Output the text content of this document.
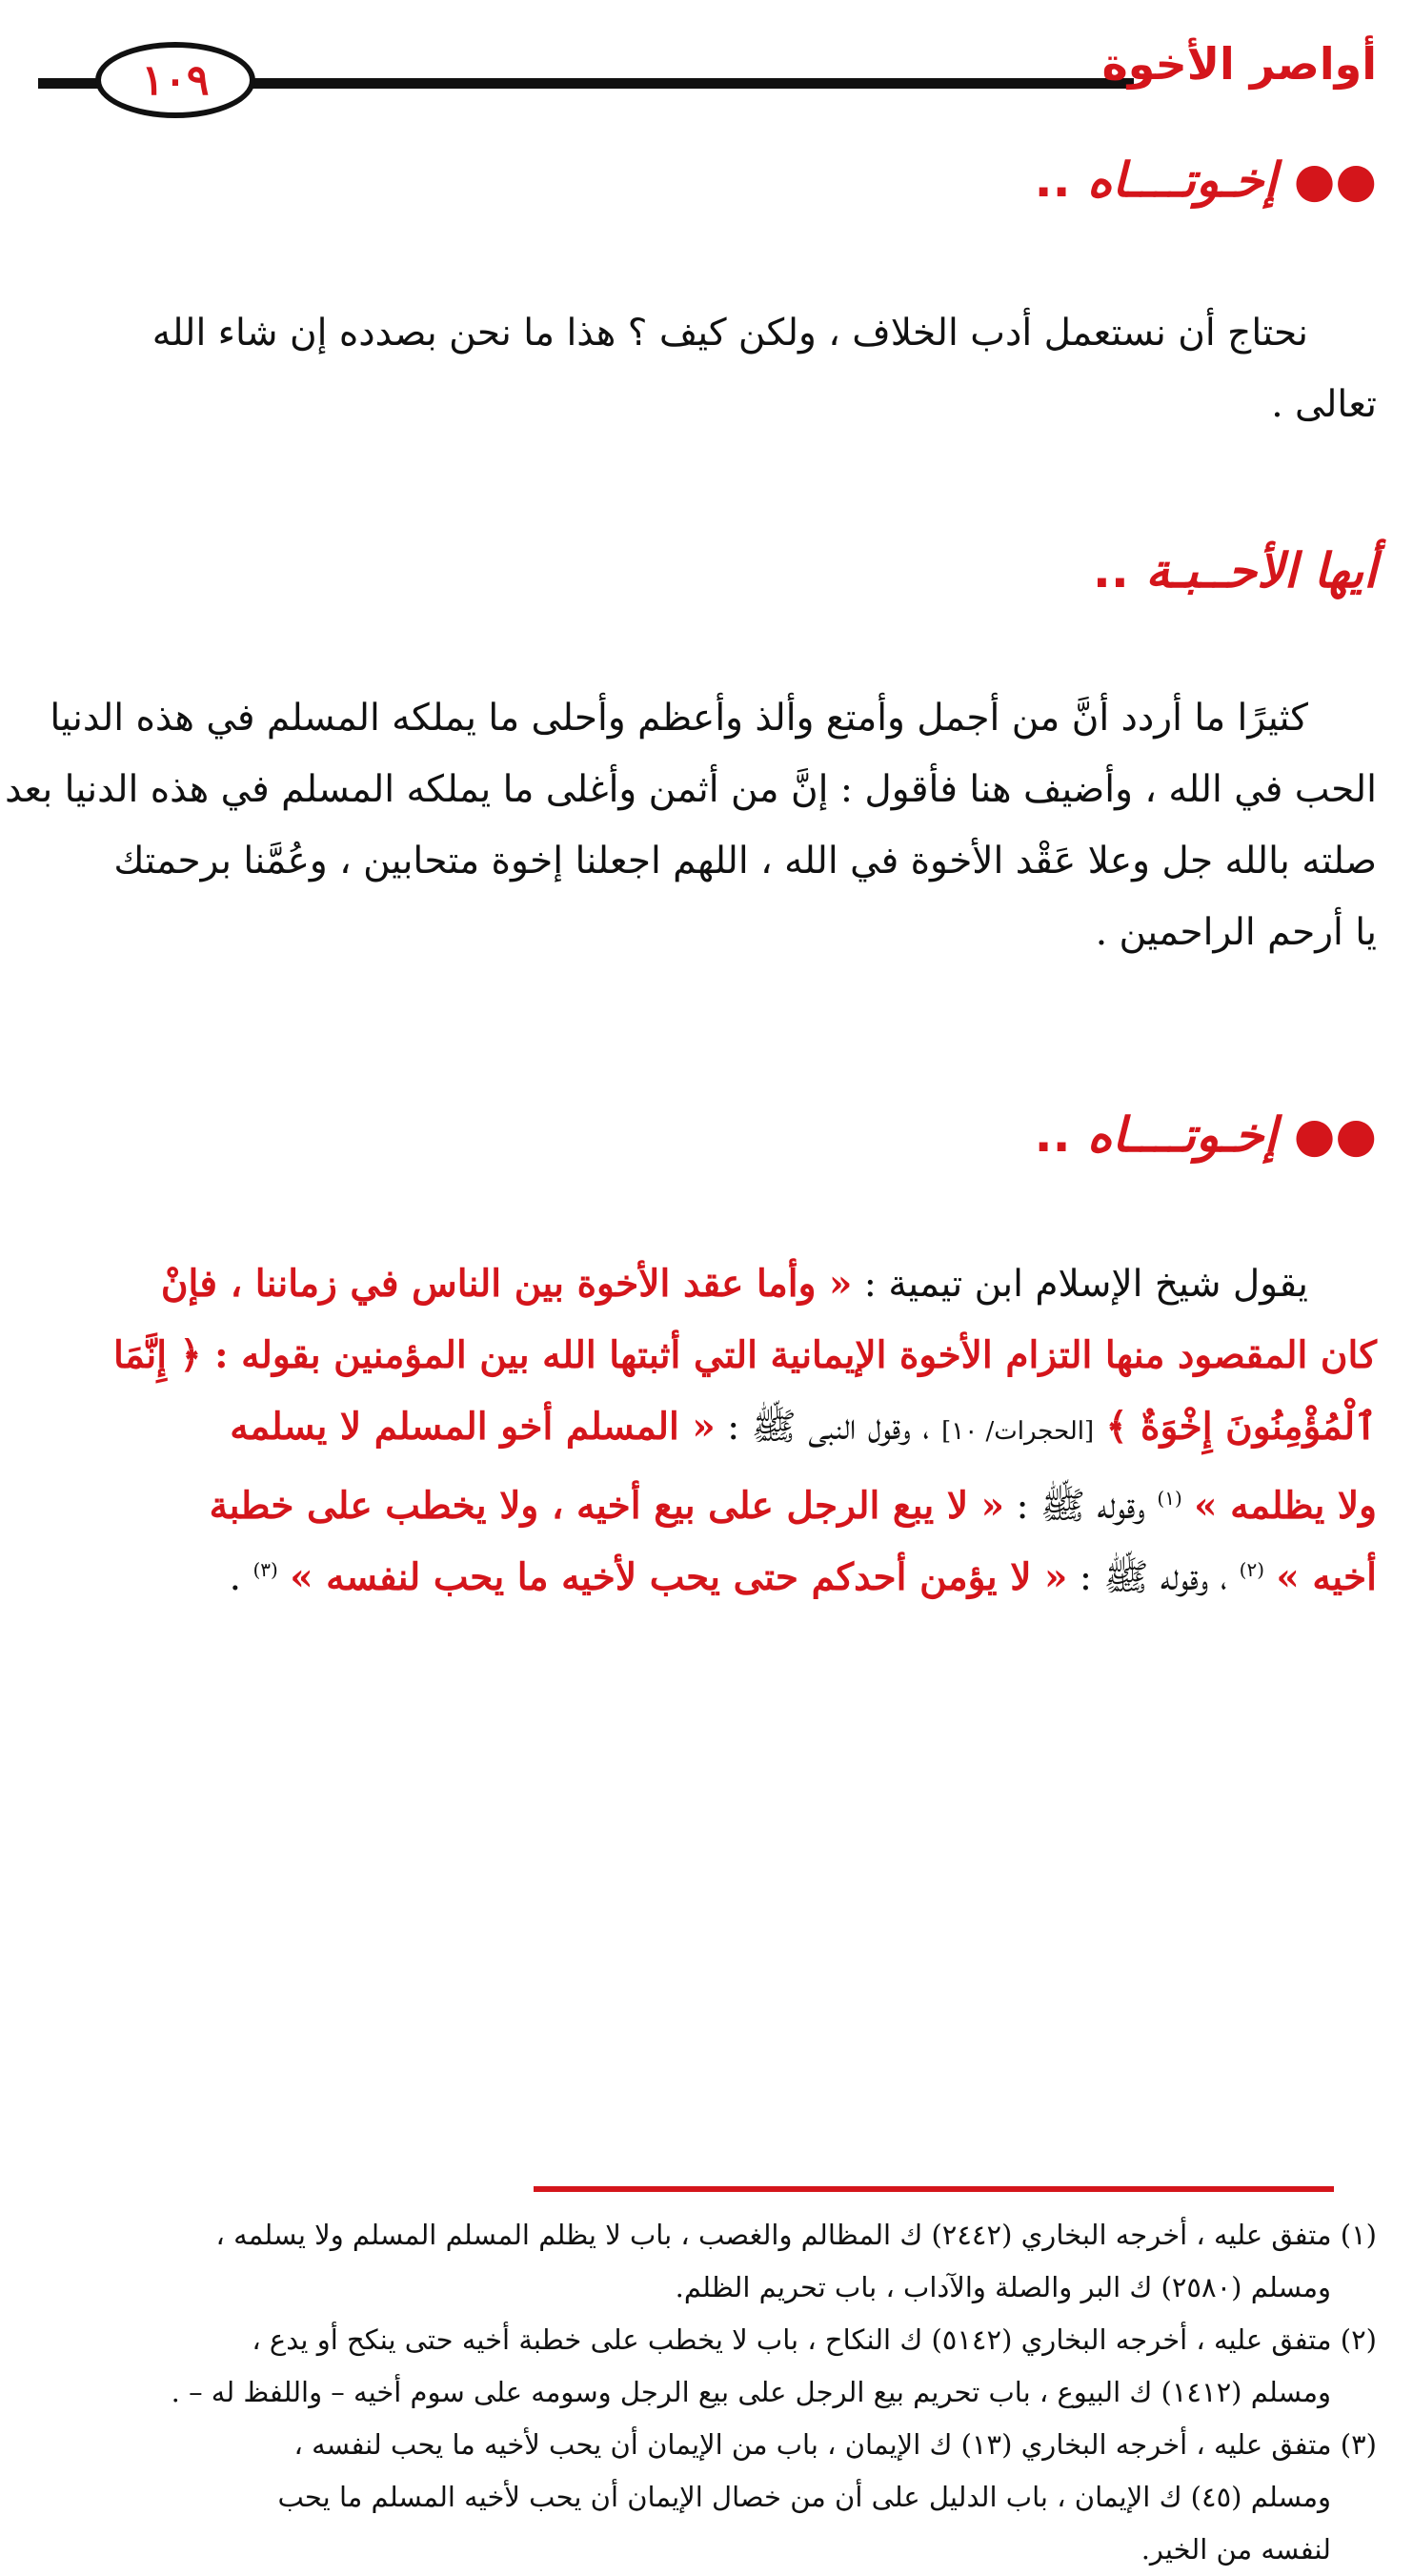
١٠٩	أواصر الأخوة
●● إخـوتــــاه ..
نحتاج أن نستعمل أدب الخلاف ، ولكن كيف ؟ هذا ما نحن بصدده إن شاء الله
تعالى .
أيها الأحــبـة ..
كثيرًا ما أردد أنَّ من أجمل وأمتع وألذ وأعظم وأحلى ما يملكه المسلم في هذه الدنيا
الحب في الله ، وأضيف هنا فأقول : إنَّ من أثمن وأغلى ما يملكه المسلم في هذه الدنيا بعد
صلته بالله جل وعلا عَقْد الأخوة في الله ، اللهم اجعلنا إخوة متحابين ، وعُمَّنا برحمتك
يا أرحم الراحمين .
●● إخـوتــــاه ..
يقول شيخ الإسلام ابن تيمية : « وأما عقد الأخوة بين الناس في زماننا ، فإنْ
كان المقصود منها التزام الأخوة الإيمانية التي أثبتها الله بين المؤمنين بقوله : ﴿ إِنَّمَا
ٱلْمُؤْمِنُونَ إِخْوَةٌ ﴾ [الحجرات/ ١٠] ، وقول النبى ﷺ : « المسلم أخو المسلم لا يسلمه
ولا يظلمه » $^{(١)}$ وقوله ﷺ : « لا يبع الرجل على بيع أخيه ، ولا يخطب على خطبة
أخيه » $^{(٢)}$ ، وقوله ﷺ : « لا يؤمن أحدكم حتى يحب لأخيه ما يحب لنفسه » $^{(٣)}$ .
(١) متفق عليه ، أخرجه البخاري (٢٤٤٢) ك المظالم والغصب ، باب لا يظلم المسلم المسلم ولا يسلمه ،
ومسلم (٢٥٨٠) ك البر والصلة والآداب ، باب تحريم الظلم.
(٢) متفق عليه ، أخرجه البخاري (٥١٤٢) ك النكاح ، باب لا يخطب على خطبة أخيه حتى ينكح أو يدع ،
ومسلم (١٤١٢) ك البيوع ، باب تحريم بيع الرجل على بيع الرجل وسومه على سوم أخيه – واللفظ له – .
(٣) متفق عليه ، أخرجه البخاري (١٣) ك الإيمان ، باب من الإيمان أن يحب لأخيه ما يحب لنفسه ،
ومسلم (٤٥) ك الإيمان ، باب الدليل على أن من خصال الإيمان أن يحب لأخيه المسلم ما يحب
لنفسه من الخير.
